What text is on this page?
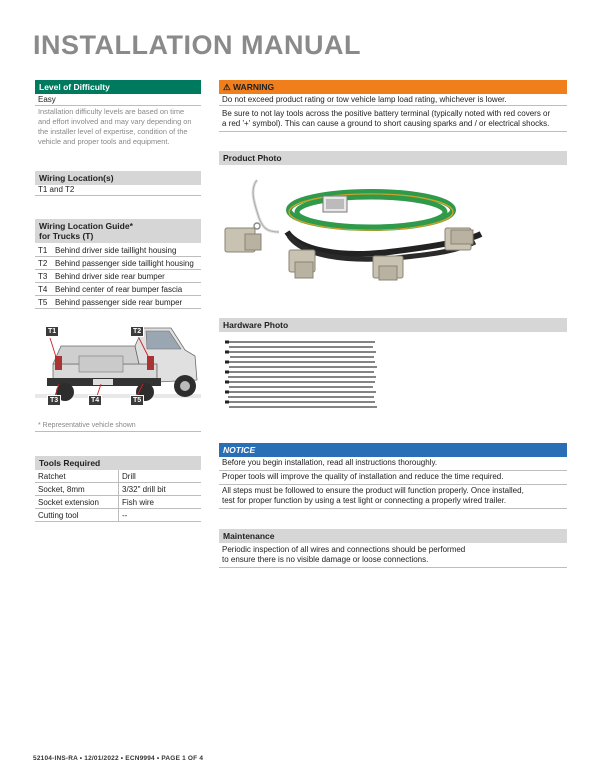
INSTALLATION MANUAL
Level of Difficulty
Easy
Installation difficulty levels are based on time
and effort involved and may vary depending on
the installer level of expertise, condition of the
vehicle and proper tools and equipment.
Wiring Location(s)
T1 and T2
Wiring Location Guide*
for Trucks (T)
T1	Behind driver side taillight housing
T2	Behind passenger side taillight housing
T3	Behind driver side rear bumper
T4	Behind center of rear bumper fascia
T5	Behind passenger side rear bumper
T1	T2
T3	T4	T5
* Representative vehicle shown
Tools Required
Ratchet	Drill
Socket, 8mm	3/32" drill bit
Socket extension	Fish wire
Cutting tool	--
⚠ WARNING
Do not exceed product rating or tow vehicle lamp load rating, whichever is lower.
Be sure to not lay tools across the positive battery terminal (typically noted with red covers or
a red '+' symbol). This can cause a ground to short causing sparks and / or electrical shocks.
Product Photo
Hardware Photo
NOTICE
Before you begin installation, read all instructions thoroughly.
Proper tools will improve the quality of installation and reduce the time required.
All steps must be followed to ensure the product will function properly. Once installed,
test for proper function by using a test light or connecting a properly wired trailer.
Maintenance
Periodic inspection of all wires and connections should be performed
to ensure there is no visible damage or loose connections.
52104-INS-RA • 12/01/2022 • ECN9994 • PAGE 1 OF 4
